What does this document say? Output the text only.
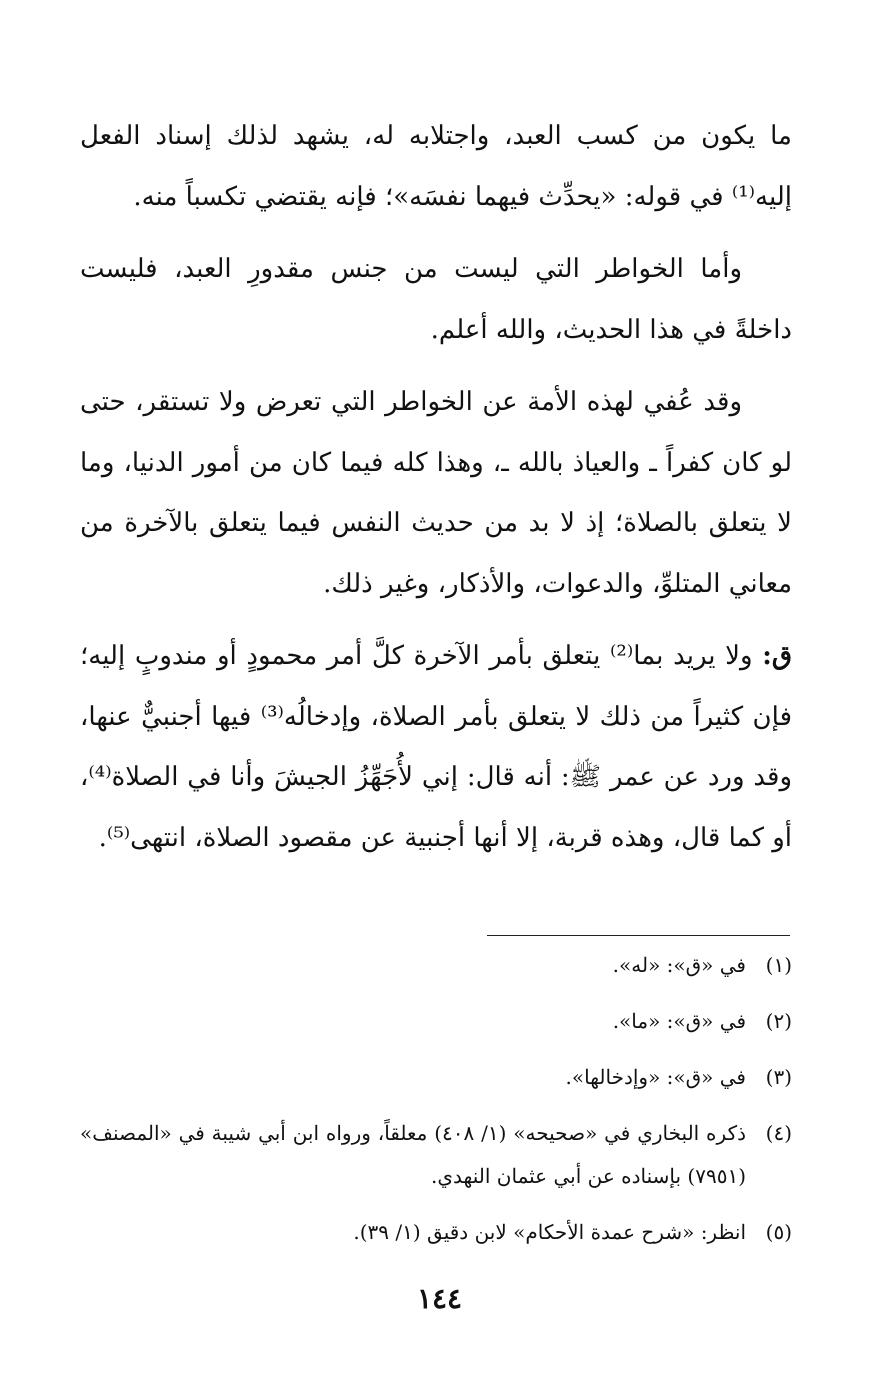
ما يكون من كسب العبد، واجتلابه له، يشهد لذلك إسناد الفعل إليه⁽¹⁾ في قوله: «يحدِّث فيهما نفسَه»؛ فإنه يقتضي تكسباً منه.

وأما الخواطر التي ليست من جنس مقدورِ العبد، فليست داخلةً في هذا الحديث، والله أعلم.

وقد عُفي لهذه الأمة عن الخواطر التي تعرض ولا تستقر، حتى لو كان كفراً ـ والعياذ بالله ـ، وهذا كله فيما كان من أمور الدنيا، وما لا يتعلق بالصلاة؛ إذ لا بد من حديث النفس فيما يتعلق بالآخرة من معاني المتلوِّ، والدعوات، والأذكار، وغير ذلك.

ق: ولا يريد بما⁽²⁾ يتعلق بأمر الآخرة كلَّ أمر محمودٍ أو مندوبٍ إليه؛ فإن كثيراً من ذلك لا يتعلق بأمر الصلاة، وإدخالُه⁽³⁾ فيها أجنبيٌّ عنها، وقد ورد عن عمر ﷺ: أنه قال: إني لأُجَهِّزُ الجيشَ وأنا في الصلاة⁽⁴⁾، أو كما قال، وهذه قربة، إلا أنها أجنبية عن مقصود الصلاة، انتهى⁽⁵⁾.

(١)
في «ق»: «له».
(٢)
في «ق»: «ما».
(٣)
في «ق»: «وإدخالها».
(٤)
ذكره البخاري في «صحيحه» (١/ ٤٠٨) معلقاً، ورواه ابن أبي شيبة في «المصنف» (٧٩٥١) بإسناده عن أبي عثمان النهدي.
(٥)
انظر: «شرح عمدة الأحكام» لابن دقيق (١/ ٣٩).
١٤٤
